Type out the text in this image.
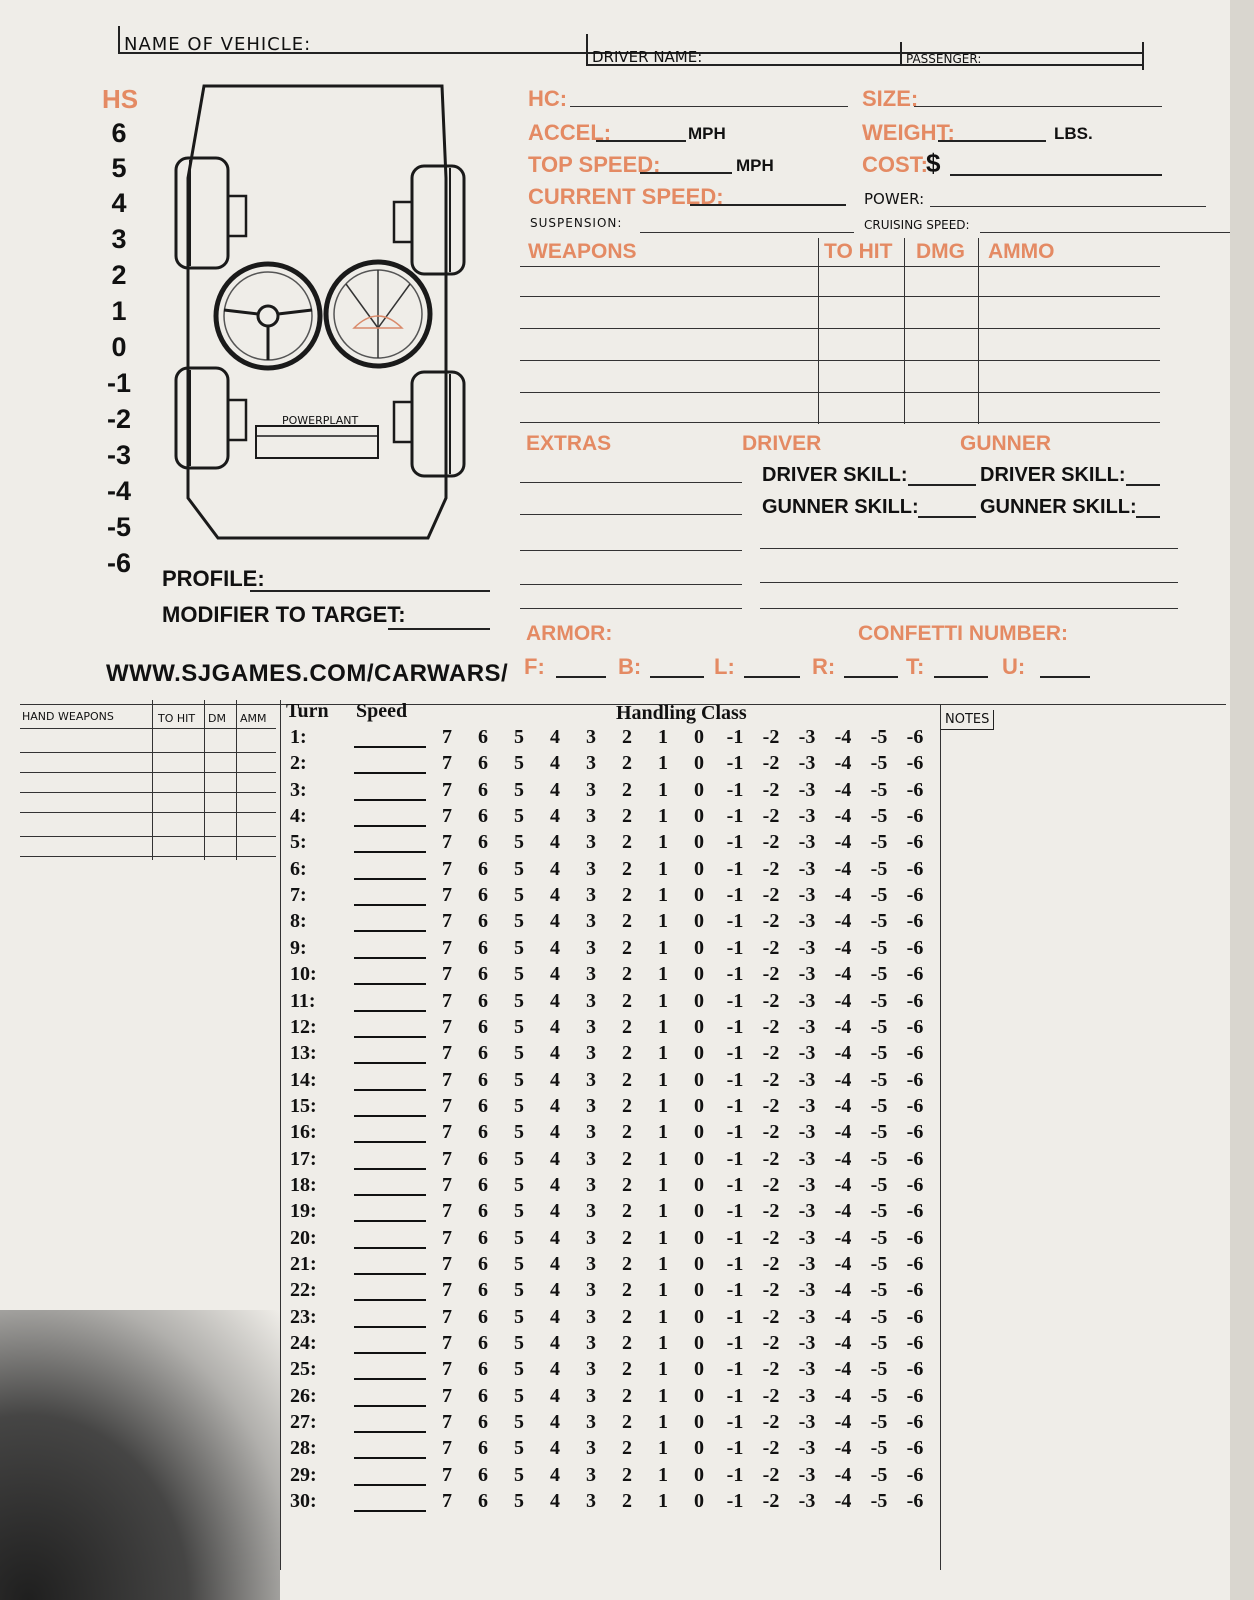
NAME OF VEHICLE:
DRIVER NAME:	PASSENGER:
HS
6
5
4
3
2
1
0
-1
-2
-3
-4
-5
-6
POWERPLANT
PROFILE:
MODIFIER TO TARGET:
WWW.SJGAMES.COM/CARWARS/
HC:	SIZE:
ACCEL:	MPH	WEIGHT:	LBS.
TOP SPEED:	MPH	COST:
$
CURRENT SPEED:	POWER:
SUSPENSION:	CRUISING SPEED:
WEAPONS	TO HIT DMG AMMO
EXTRAS	DRIVER	GUNNER
DRIVER SKILL:
GUNNER SKILL:
DRIVER SKILL:
GUNNER SKILL:
ARMOR:	CONFETTI NUMBER:
F:	B:	L:	R:	T:	U:
HAND WEAPONS	TO HIT DM AMM	NOTES
Turn Speed	Handling Class
1:	7	6	5	4	3	2	1	0	-1 -2 -3 -4 -5 -6
2:	7	6	5	4	3	2	1	0	-1 -2 -3 -4 -5 -6
3:	7	6	5	4	3	2	1	0	-1 -2 -3 -4 -5 -6
4:	7	6	5	4	3	2	1	0	-1 -2 -3 -4 -5 -6
5:	7	6	5	4	3	2	1	0	-1 -2 -3 -4 -5 -6
6:	7	6	5	4	3	2	1	0	-1 -2 -3 -4 -5 -6
7:	7	6	5	4	3	2	1	0	-1 -2 -3 -4 -5 -6
8:	7	6	5	4	3	2	1	0	-1 -2 -3 -4 -5 -6
9:	7	6	5	4	3	2	1	0	-1 -2 -3 -4 -5 -6
10:	7	6	5	4	3	2	1	0	-1 -2 -3 -4 -5 -6
11:	7	6	5	4	3	2	1	0	-1 -2 -3 -4 -5 -6
12:	7	6	5	4	3	2	1	0	-1 -2 -3 -4 -5 -6
13:	7	6	5	4	3	2	1	0	-1 -2 -3 -4 -5 -6
14:	7	6	5	4	3	2	1	0	-1 -2 -3 -4 -5 -6
15:	7	6	5	4	3	2	1	0	-1 -2 -3 -4 -5 -6
16:	7	6	5	4	3	2	1	0	-1 -2 -3 -4 -5 -6
17:	7	6	5	4	3	2	1	0	-1 -2 -3 -4 -5 -6
18:	7	6	5	4	3	2	1	0	-1 -2 -3 -4 -5 -6
19:	7	6	5	4	3	2	1	0	-1 -2 -3 -4 -5 -6
20:	7	6	5	4	3	2	1	0	-1 -2 -3 -4 -5 -6
21:	7	6	5	4	3	2	1	0	-1 -2 -3 -4 -5 -6
22:	7	6	5	4	3	2	1	0	-1 -2 -3 -4 -5 -6
23:	7	6	5	4	3	2	1	0	-1 -2 -3 -4 -5 -6
24:	7	6	5	4	3	2	1	0	-1 -2 -3 -4 -5 -6
25:	7	6	5	4	3	2	1	0	-1 -2 -3 -4 -5 -6
26:	7	6	5	4	3	2	1	0	-1 -2 -3 -4 -5 -6
27:	7	6	5	4	3	2	1	0	-1 -2 -3 -4 -5 -6
28:	7	6	5	4	3	2	1	0	-1 -2 -3 -4 -5 -6
29:	7	6	5	4	3	2	1	0	-1 -2 -3 -4 -5 -6
30:	7	6	5	4	3	2	1	0	-1 -2 -3 -4 -5 -6
